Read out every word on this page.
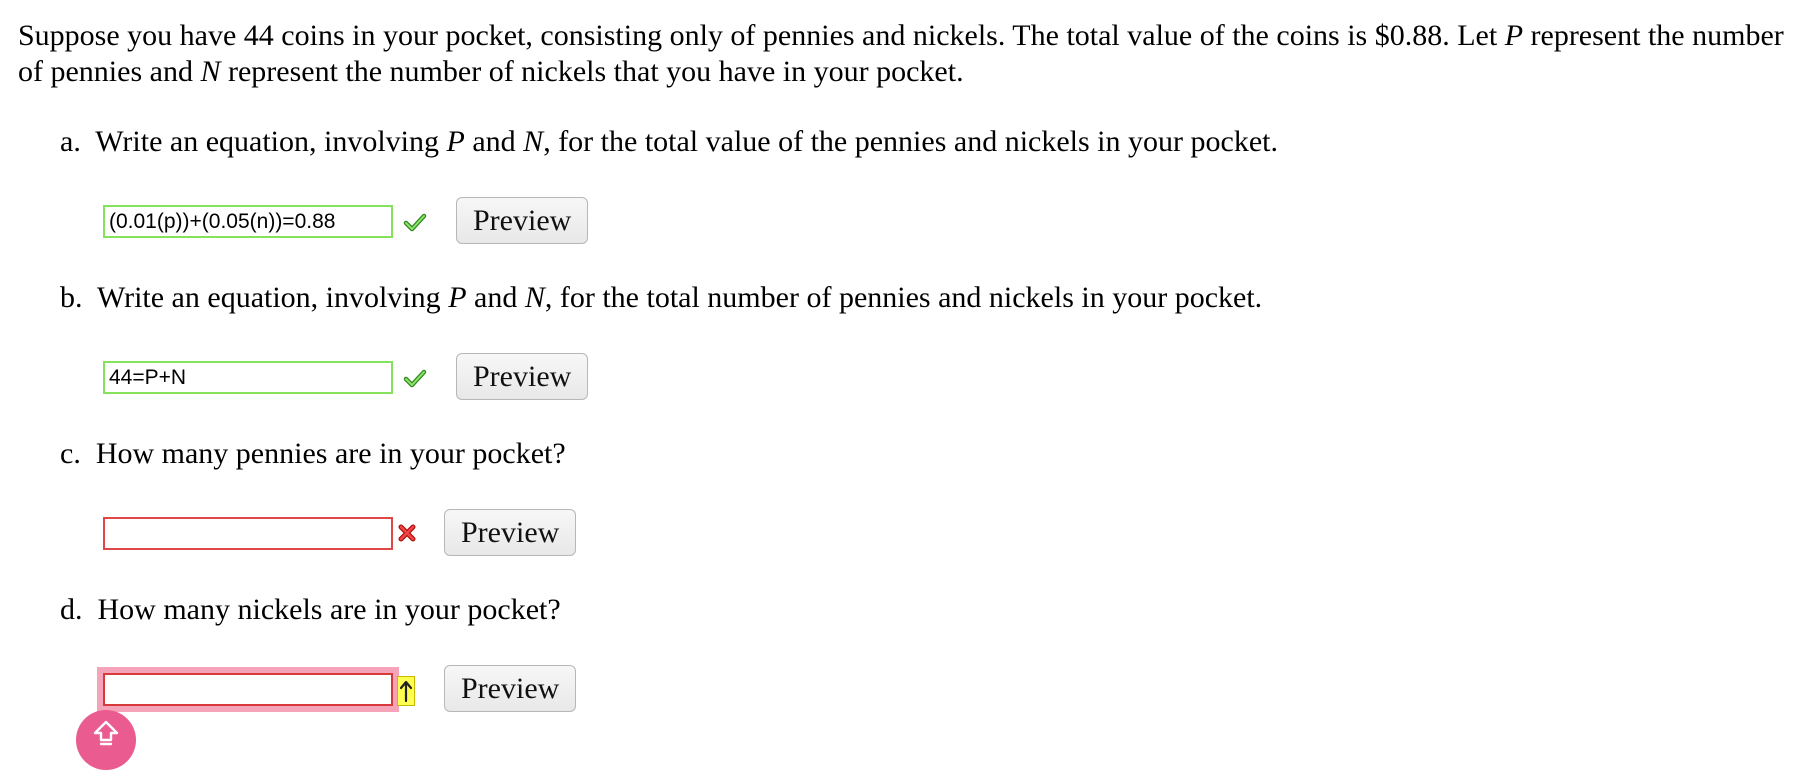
Suppose you have 44 coins in your pocket, consisting only of pennies and nickels. The total value of the coins is $0.88. Let P represent the number of pennies and N represent the number of nickels that you have in your pocket.

a. Write an equation, involving P and N, for the total value of the pennies and nickels in your pocket.
(0.01(p))+(0.05(n))=0.88
Preview
b. Write an equation, involving P and N, for the total number of pennies and nickels in your pocket.
44=P+N
Preview
c. How many pennies are in your pocket?
Preview
d. How many nickels are in your pocket?
Preview
